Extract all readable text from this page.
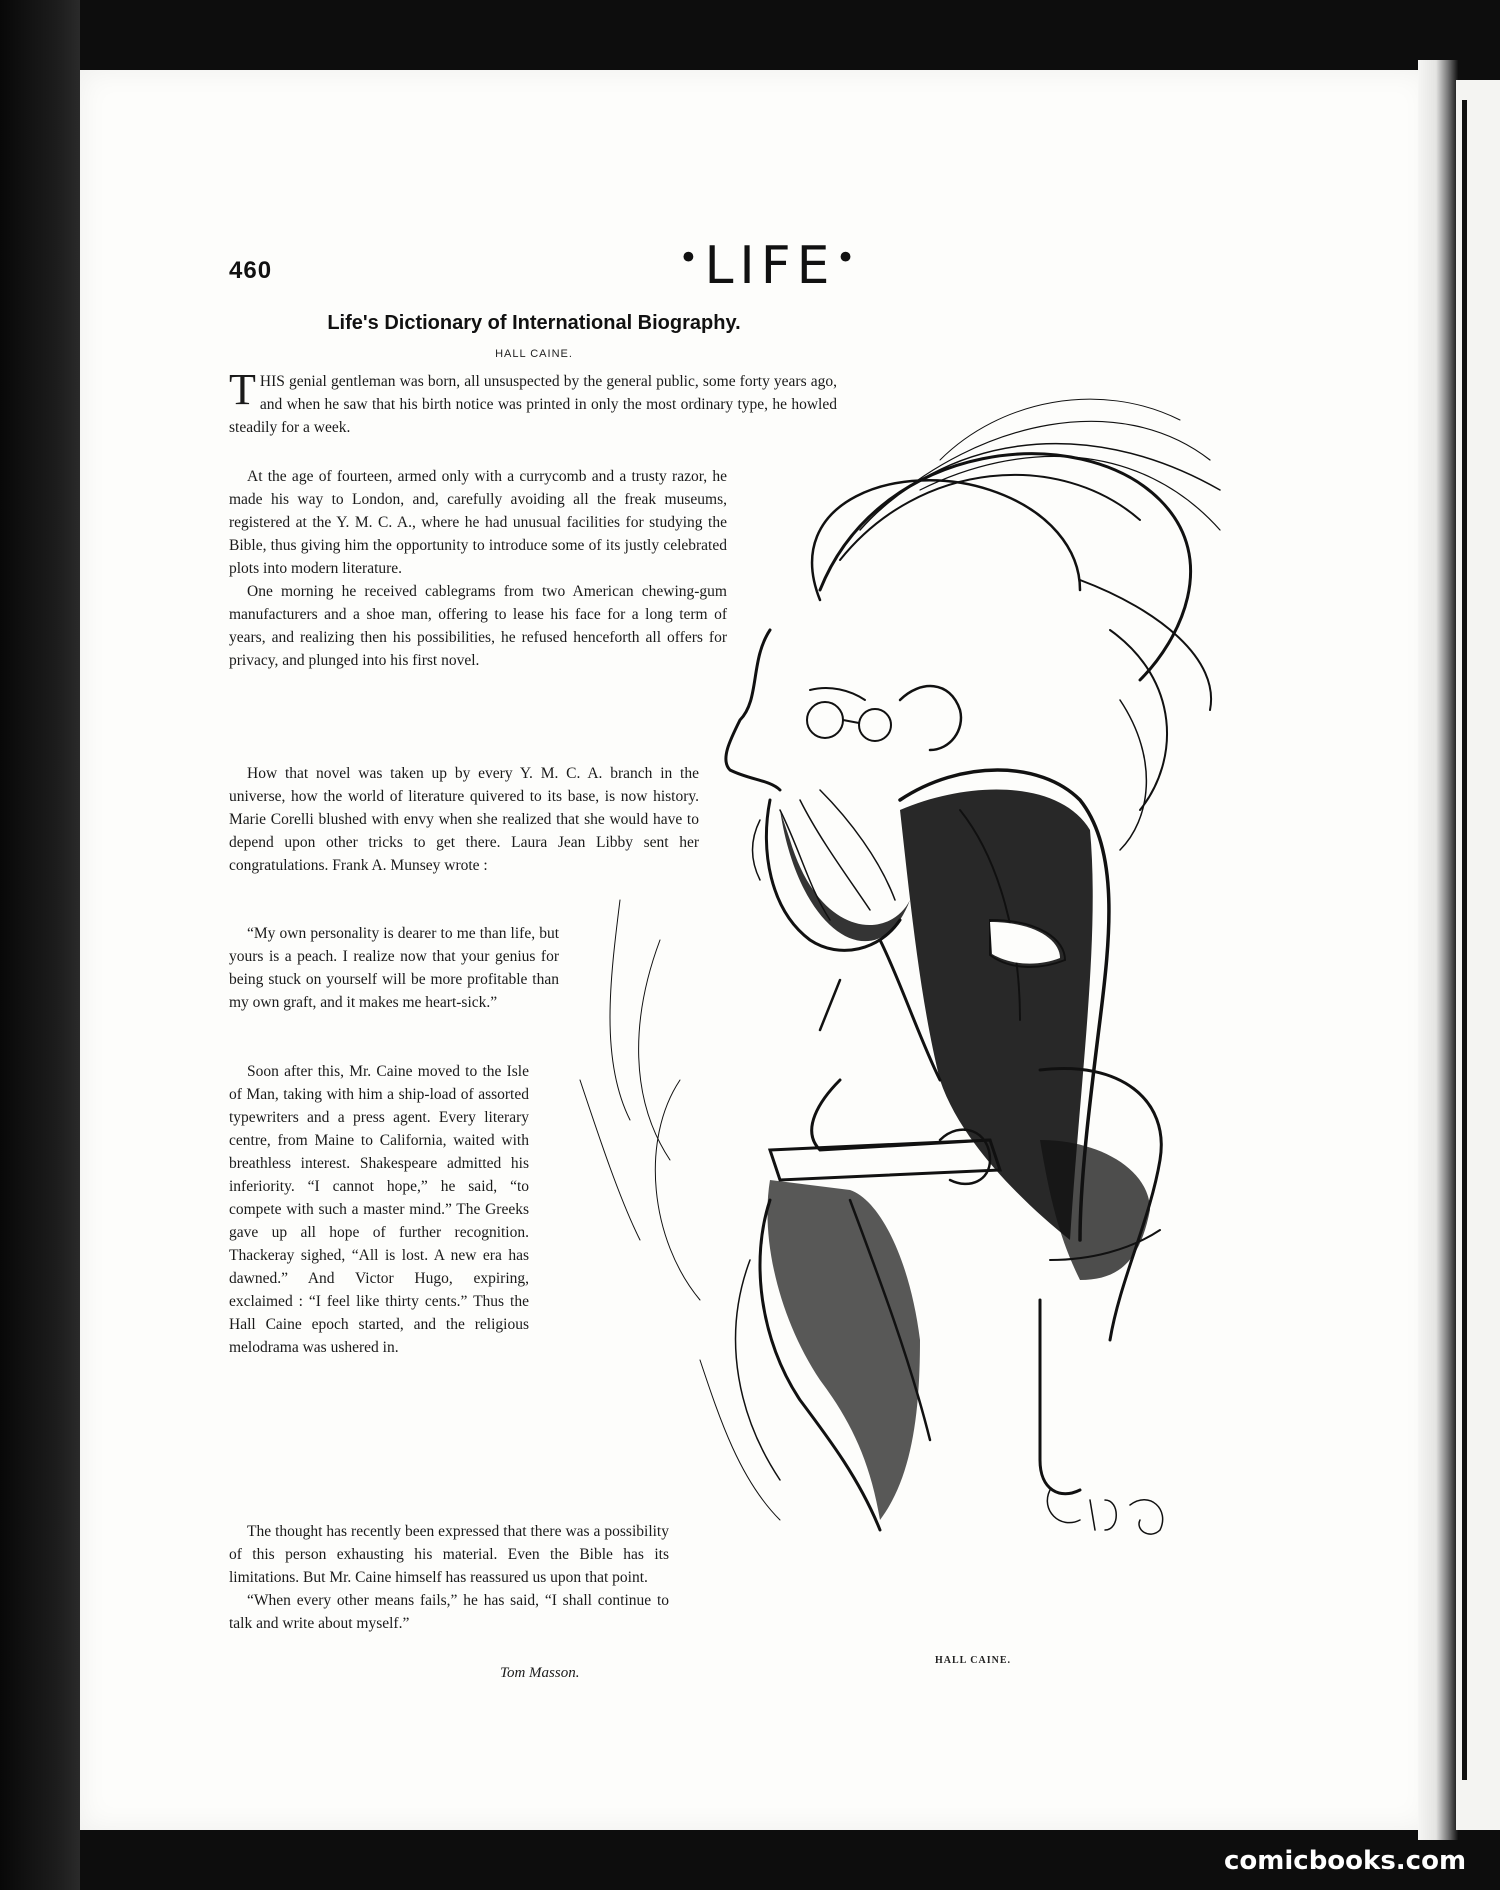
460	•LIFE•
Life's Dictionary of International Biography.
HALL CAINE.

THIS genial gentleman was born, all unsuspected by the general public, some forty years ago, and when he saw that his birth notice was printed in only the most ordinary type, he howled steadily for a week.

At the age of fourteen, armed only with a currycomb and a trusty razor, he made his way to London, and, carefully avoiding all the freak museums, registered at the Y. M. C. A., where he had unusual facilities for studying the Bible, thus giving him the opportunity to introduce some of its justly celebrated plots into modern literature.

One morning he received cablegrams from two American chewing-gum manufacturers and a shoe man, offering to lease his face for a long term of years, and realizing then his possibilities, he refused henceforth all offers for privacy, and plunged into his first novel.

How that novel was taken up by every Y. M. C. A. branch in the universe, how the world of literature quivered to its base, is now history. Marie Corelli blushed with envy when she realized that she would have to depend upon other tricks to get there. Laura Jean Libby sent her congratulations. Frank A. Munsey wrote :

“My own personality is dearer to me than life, but yours is a peach. I realize now that your genius for being stuck on yourself will be more profitable than my own graft, and it makes me heart-sick.”

Soon after this, Mr. Caine moved to the Isle of Man, taking with him a ship-load of assorted typewriters and a press agent. Every literary centre, from Maine to California, waited with breathless interest. Shakespeare admitted his inferiority. “I cannot hope,” he said, “to compete with such a master mind.” The Greeks gave up all hope of further recognition. Thackeray sighed, “All is lost. A new era has dawned.” And Victor Hugo, expiring, exclaimed : “I feel like thirty cents.” Thus the Hall Caine epoch started, and the religious melodrama was ushered in.

The thought has recently been expressed that there was a possibility of this person exhausting his material. Even the Bible has its limitations. But Mr. Caine himself has reassured us upon that point.

“When every other means fails,” he has said, “I shall continue to talk and write about myself.”

Tom Masson.
HALL CAINE.
comicbooks.com
